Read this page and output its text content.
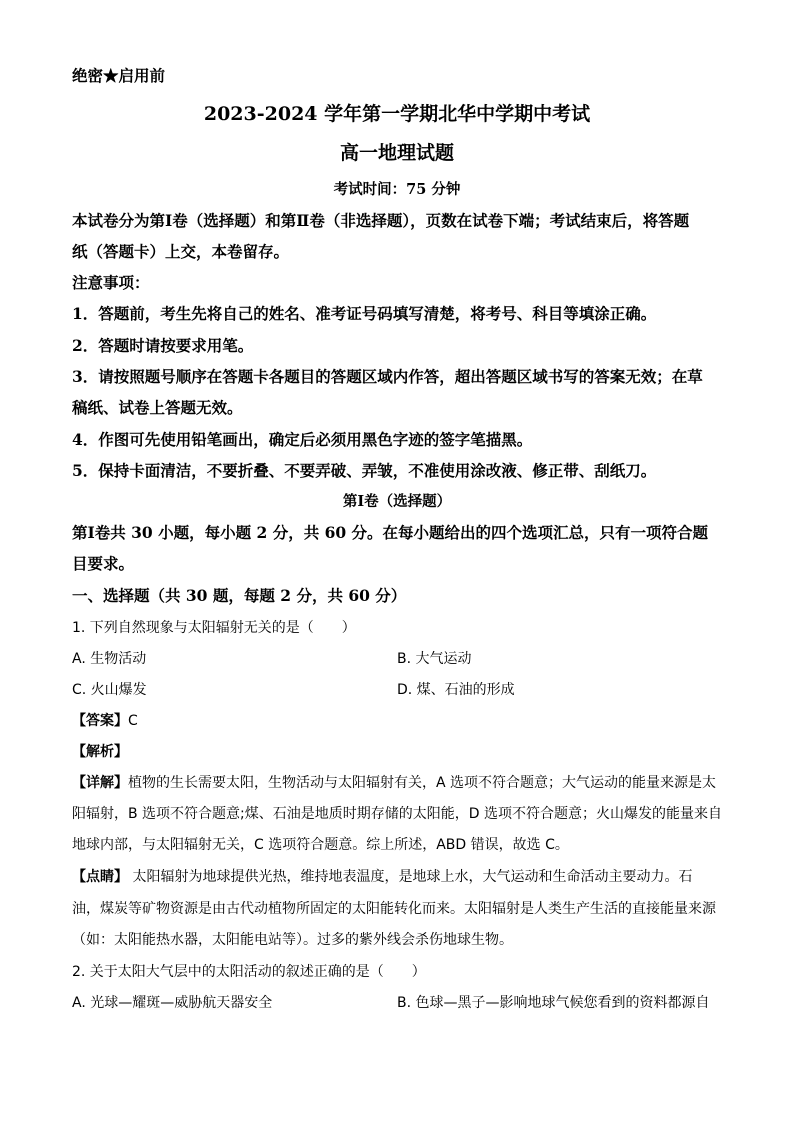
绝密★启用前
2023-2024 学年第一学期北华中学期中考试
高一地理试题
考试时间：75 分钟
本试卷分为第Ⅰ卷（选择题）和第Ⅱ卷（非选择题），页数在试卷下端；考试结束后，将答题
纸（答题卡）上交，本卷留存。
注意事项：
1．答题前，考生先将自己的姓名、准考证号码填写清楚，将考号、科目等填涂正确。
2．答题时请按要求用笔。
3．请按照题号顺序在答题卡各题目的答题区域内作答，超出答题区域书写的答案无效；在草
稿纸、试卷上答题无效。
4．作图可先使用铅笔画出，确定后必须用黑色字迹的签字笔描黑。
5．保持卡面清洁，不要折叠、不要弄破、弄皱，不准使用涂改液、修正带、刮纸刀。
第Ⅰ卷（选择题）
第Ⅰ卷共 30 小题，每小题 2 分，共 60 分。在每小题给出的四个选项汇总，只有一项符合题
目要求。
一、选择题（共 30 题，每题 2 分，共 60 分）
1. 下列自然现象与太阳辐射无关的是（　　）
A. 生物活动	B. 大气运动
C. 火山爆发	D. 煤、石油的形成
【答案】C
【解析】
【详解】植物的生长需要太阳，生物活动与太阳辐射有关，A 选项不符合题意；大气运动的能量来源是太
阳辐射，B 选项不符合题意;煤、石油是地质时期存储的太阳能，D 选项不符合题意；火山爆发的能量来自
地球内部，与太阳辐射无关，C 选项符合题意。综上所述，ABD 错误，故选 C。
【点睛】 太阳辐射为地球提供光热，维持地表温度，是地球上水，大气运动和生命活动主要动力。石
油，煤炭等矿物资源是由古代动植物所固定的太阳能转化而来。太阳辐射是人类生产生活的直接能量来源
（如：太阳能热水器，太阳能电站等）。过多的紫外线会杀伤地球生物。
2. 关于太阳大气层中的太阳活动的叙述正确的是（　　）
A. 光球—耀斑—威胁航天器安全	B. 色球—黑子—影响地球气候您看到的资料都源自
